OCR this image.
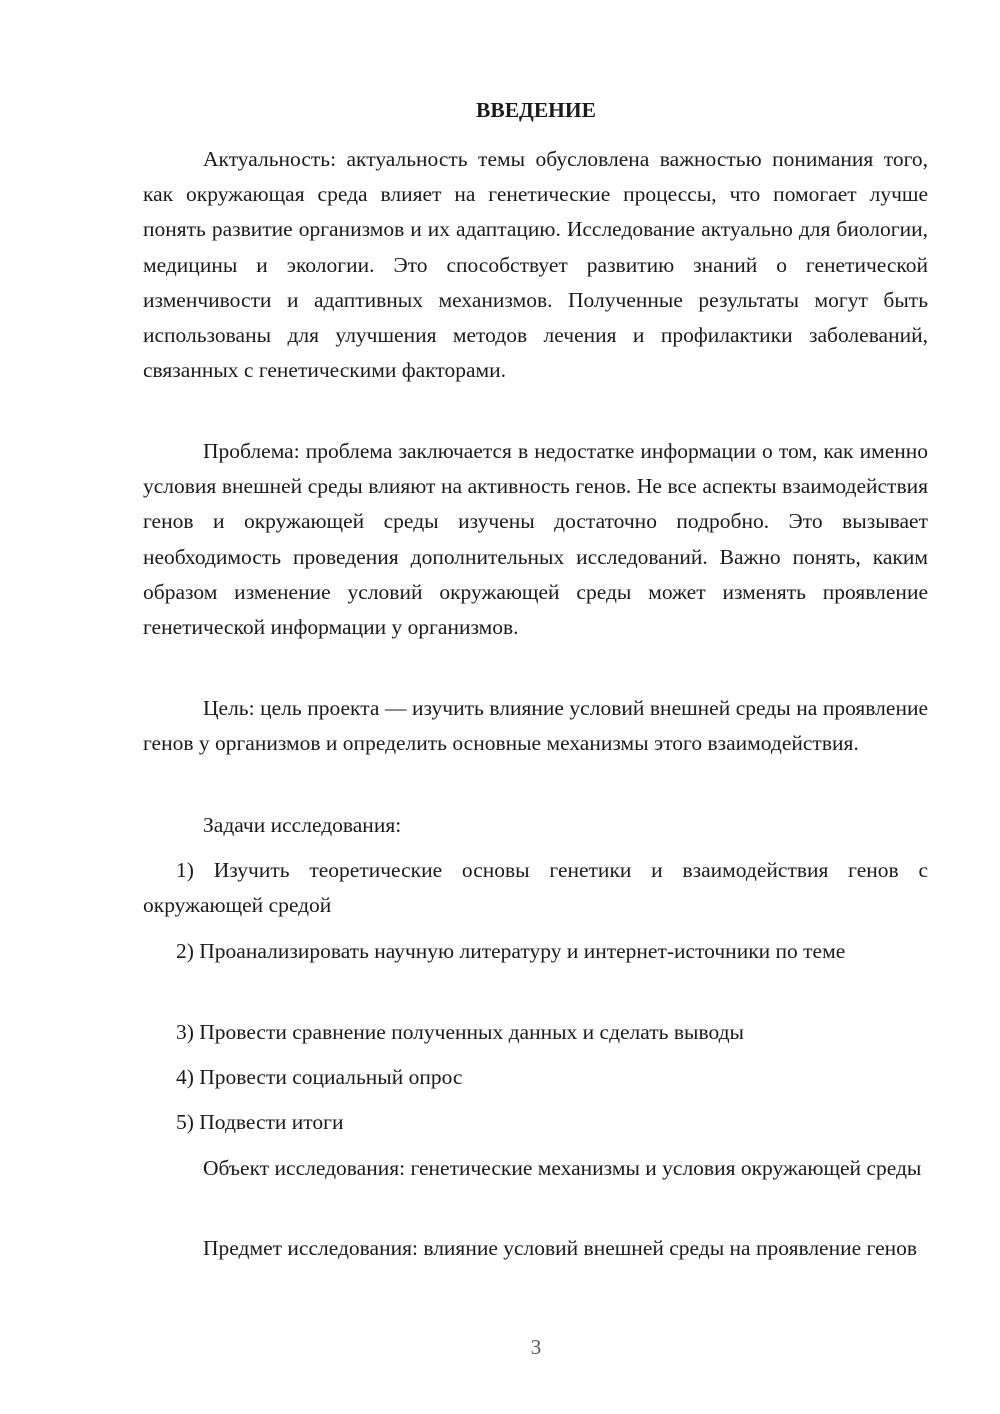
ВВЕДЕНИЕ

Актуальность: актуальность темы обусловлена важностью понимания того, как окружающая среда влияет на генетические процессы, что помогает лучше понять развитие организмов и их адаптацию. Исследование актуально для биологии, медицины и экологии. Это способствует развитию знаний о генетической изменчивости и адаптивных механизмов. Полученные результаты могут быть использованы для улучшения методов лечения и профилактики заболеваний, связанных с генетическими факторами.

Проблема: проблема заключается в недостатке информации о том, как именно условия внешней среды влияют на активность генов. Не все аспекты взаимодействия генов и окружающей среды изучены достаточно подробно. Это вызывает необходимость проведения дополнительных исследований. Важно понять, каким образом изменение условий окружающей среды может изменять проявление генетической информации у организмов.

Цель: цель проекта — изучить влияние условий внешней среды на проявление генов у организмов и определить основные механизмы этого взаимодействия.

Задачи исследования:

1) Изучить теоретические основы генетики и взаимодействия генов с окружающей средой

2) Проанализировать научную литературу и интернет-источники по теме

3) Провести сравнение полученных данных и сделать выводы

4) Провести социальный опрос

5) Подвести итоги

Объект исследования: генетические механизмы и условия окружающей среды

Предмет исследования: влияние условий внешней среды на проявление генов

3
